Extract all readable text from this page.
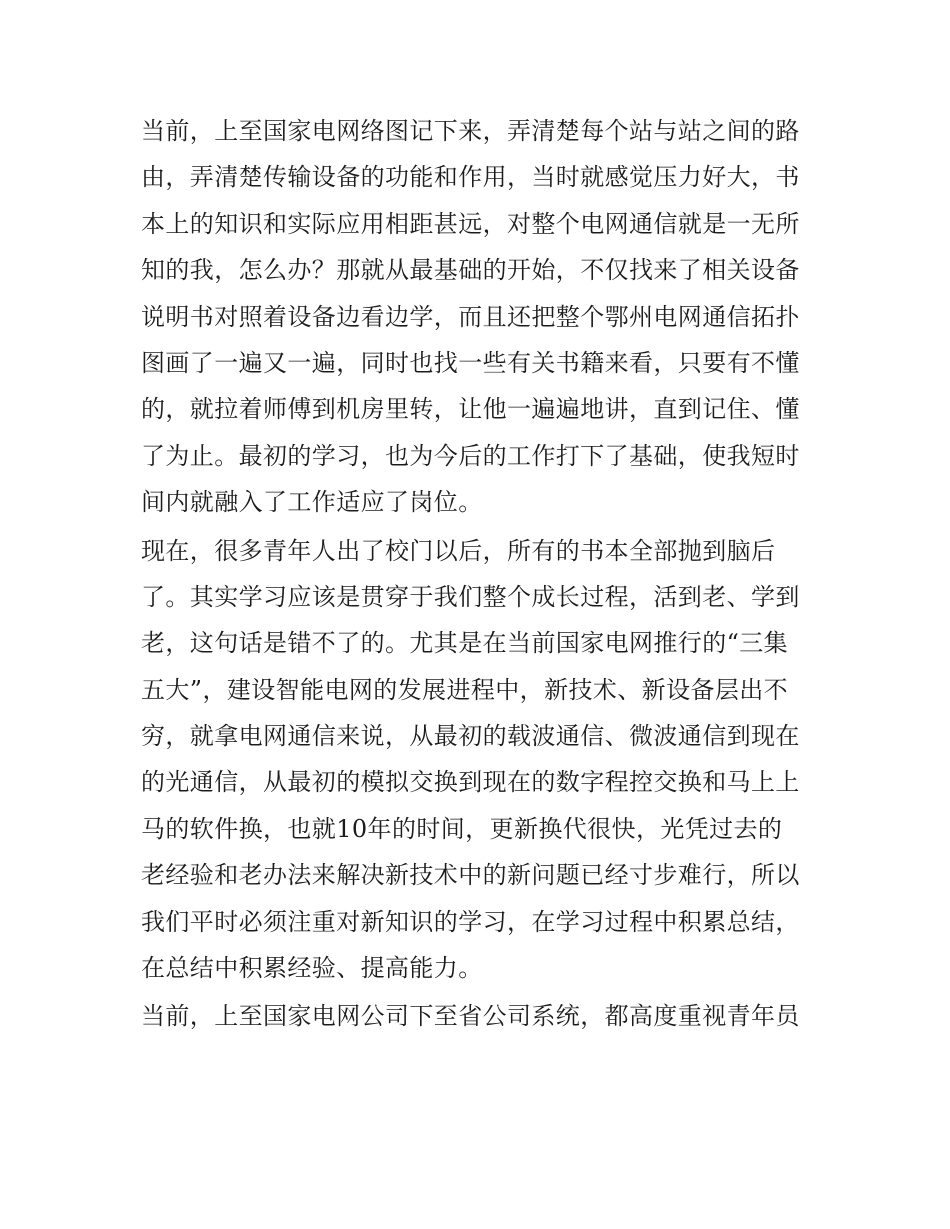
当前，上至国家电网络图记下来，弄清楚每个站与站之间的路
由，弄清楚传输设备的功能和作用，当时就感觉压力好大，书
本上的知识和实际应用相距甚远，对整个电网通信就是一无所
知的我，怎么办？那就从最基础的开始，不仅找来了相关设备
说明书对照着设备边看边学，而且还把整个鄂州电网通信拓扑
图画了一遍又一遍，同时也找一些有关书籍来看，只要有不懂
的，就拉着师傅到机房里转，让他一遍遍地讲，直到记住、懂
了为止。最初的学习，也为今后的工作打下了基础，使我短时
间内就融入了工作适应了岗位。
现在，很多青年人出了校门以后，所有的书本全部抛到脑后
了。其实学习应该是贯穿于我们整个成长过程，活到老、学到
老，这句话是错不了的。尤其是在当前国家电网推行的“三集
五大”，建设智能电网的发展进程中，新技术、新设备层出不
穷，就拿电网通信来说，从最初的载波通信、微波通信到现在
的光通信，从最初的模拟交换到现在的数字程控交换和马上上
马的软件换，也就10年的时间，更新换代很快，光凭过去的
老经验和老办法来解决新技术中的新问题已经寸步难行，所以
我们平时必须注重对新知识的学习，在学习过程中积累总结，
在总结中积累经验、提高能力。
当前，上至国家电网公司下至省公司系统，都高度重视青年员
